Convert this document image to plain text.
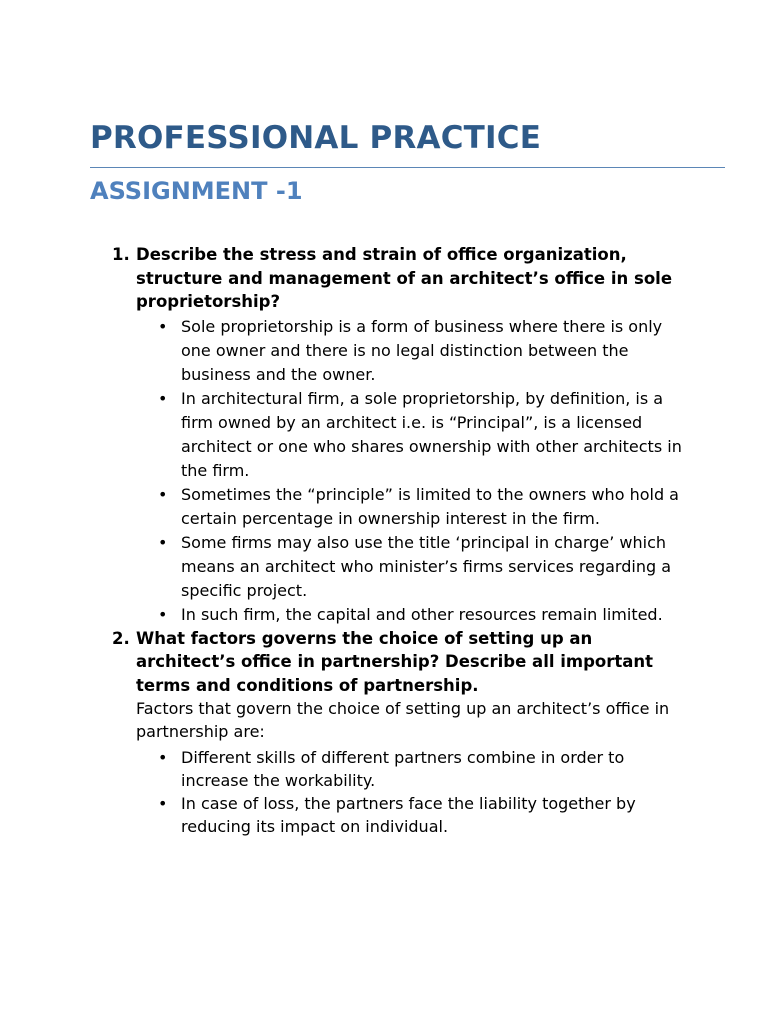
PROFESSIONAL PRACTICE
ASSIGNMENT -1
1. Describe the stress and strain of office organization, structure and management of an architect’s office in sole proprietorship?

• Sole proprietorship is a form of business where there is only one owner and there is no legal distinction between the business and the owner.
• In architectural firm, a sole proprietorship, by definition, is a firm owned by an architect i.e. is “Principal”, is a licensed architect or one who shares ownership with other architects in the firm.
• Sometimes the “principle” is limited to the owners who hold a certain percentage in ownership interest in the firm.
• Some firms may also use the title ‘principal in charge’ which means an architect who minister’s firms services regarding a specific project.
• In such firm, the capital and other resources remain limited.
2. What factors governs the choice of setting up an architect’s office in partnership? Describe all important terms and conditions of partnership.

Factors that govern the choice of setting up an architect’s office in partnership are:

• Different skills of different partners combine in order to increase the workability.
• In case of loss, the partners face the liability together by reducing its impact on individual.
